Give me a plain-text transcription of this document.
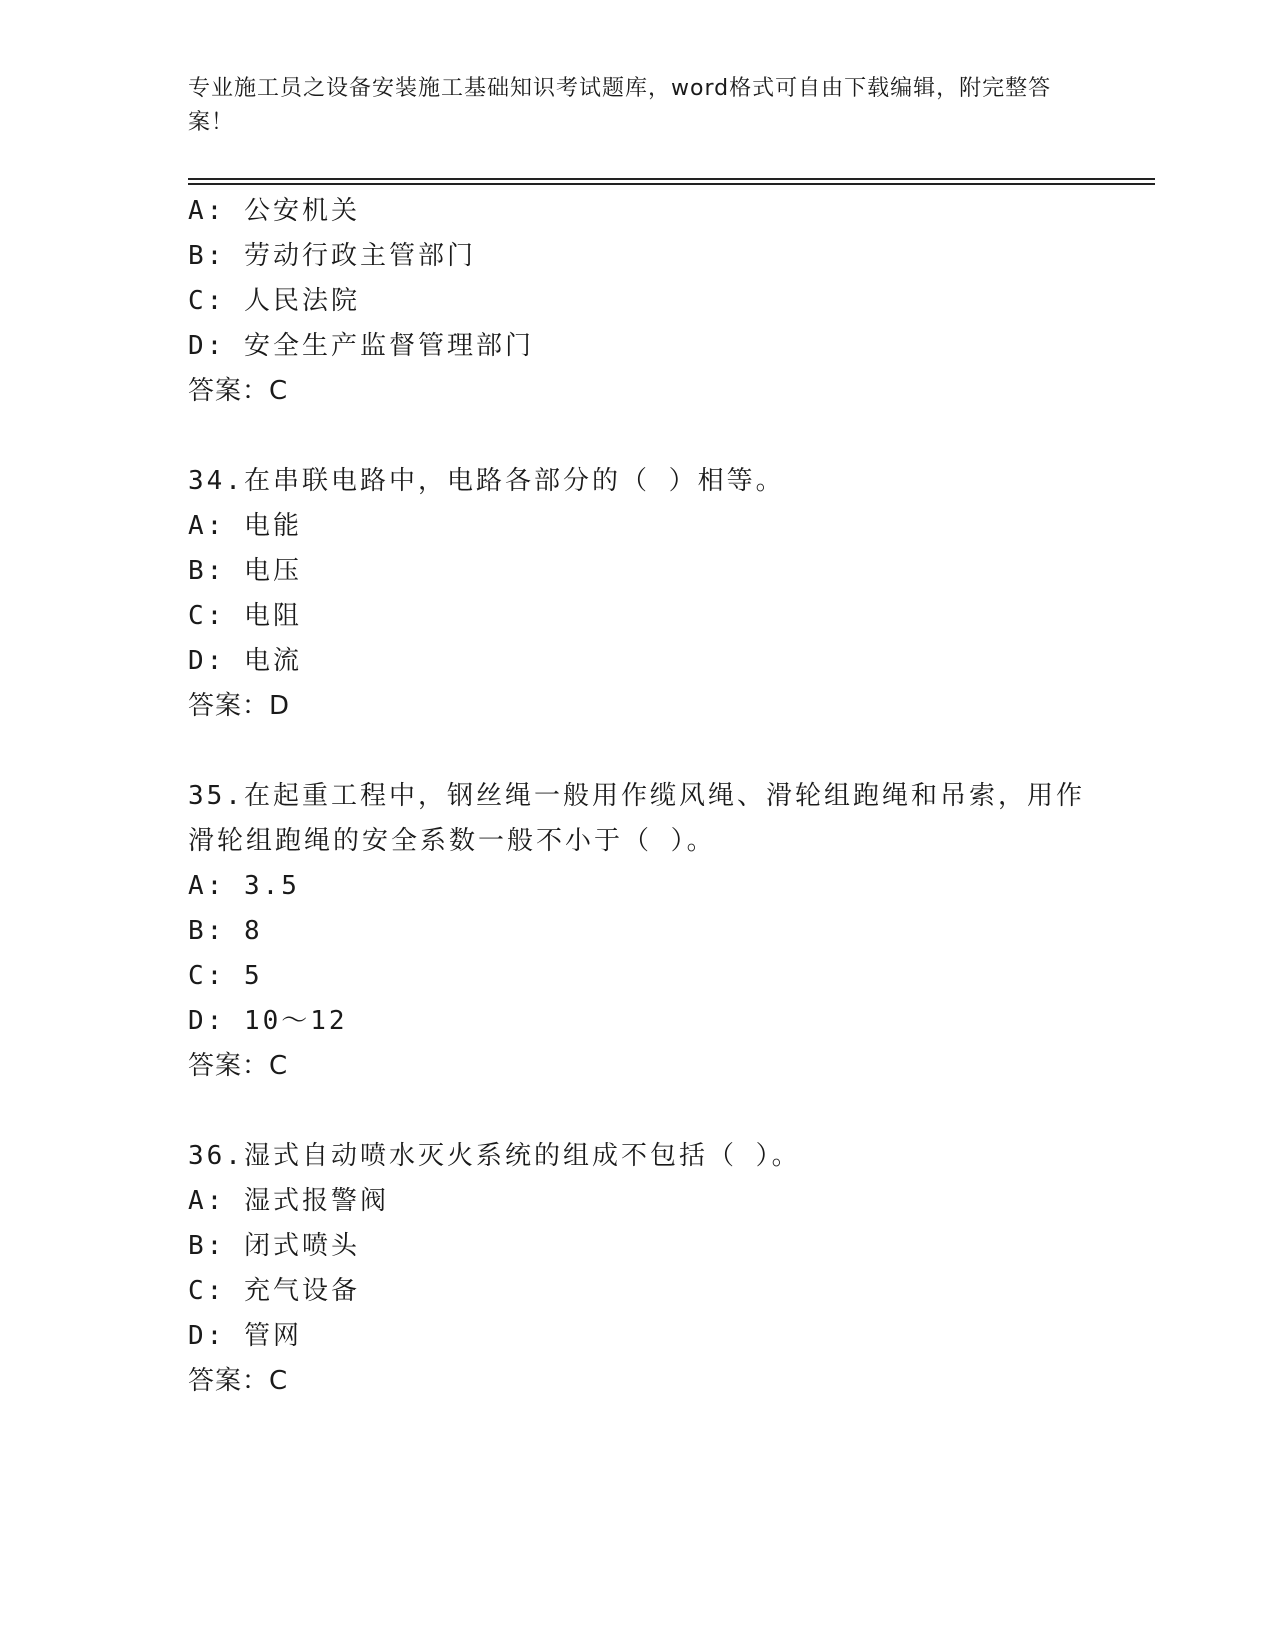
专业施工员之设备安装施工基础知识考试题库，word格式可自由下载编辑，附完整答案！
A: 公安机关
B: 劳动行政主管部门
C: 人民法院
D: 安全生产监督管理部门
答案：C
34.在串联电路中，电路各部分的（ ）相等。
A: 电能
B: 电压
C: 电阻
D: 电流
答案：D
35.在起重工程中，钢丝绳一般用作缆风绳、滑轮组跑绳和吊索，用作
滑轮组跑绳的安全系数一般不小于（ ）。
A: 3.5
B: 8
C: 5
D: 10～12
答案：C
36.湿式自动喷水灭火系统的组成不包括（ ）。
A: 湿式报警阀
B: 闭式喷头
C: 充气设备
D: 管网
答案：C
